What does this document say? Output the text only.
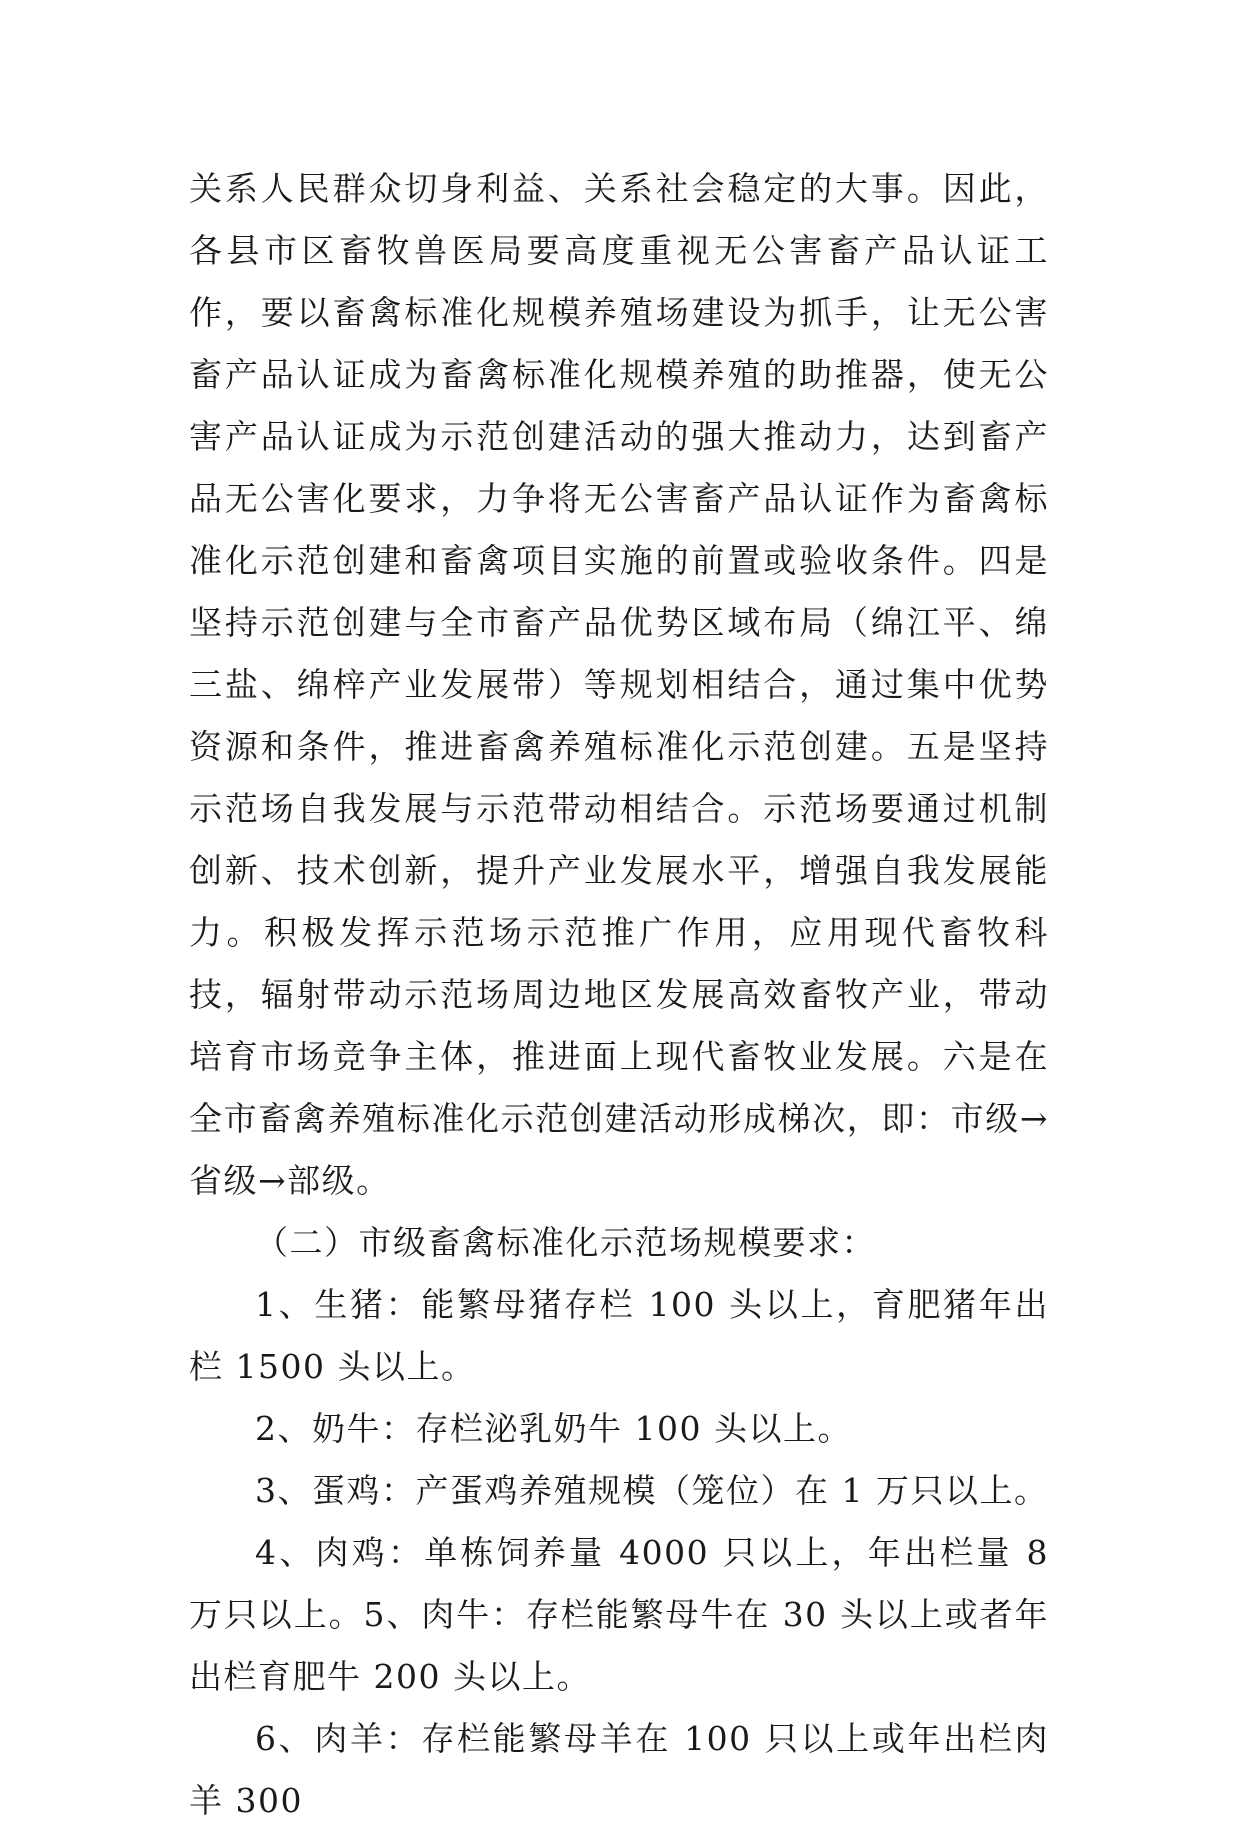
关系人民群众切身利益、关系社会稳定的大事。因此，各县市区畜牧兽医局要高度重视无公害畜产品认证工作，要以畜禽标准化规模养殖场建设为抓手，让无公害畜产品认证成为畜禽标准化规模养殖的助推器，使无公害产品认证成为示范创建活动的强大推动力，达到畜产品无公害化要求，力争将无公害畜产品认证作为畜禽标准化示范创建和畜禽项目实施的前置或验收条件。四是坚持示范创建与全市畜产品优势区域布局（绵江平、绵三盐、绵梓产业发展带）等规划相结合，通过集中优势资源和条件，推进畜禽养殖标准化示范创建。五是坚持示范场自我发展与示范带动相结合。示范场要通过机制创新、技术创新，提升产业发展水平，增强自我发展能力。积极发挥示范场示范推广作用，应用现代畜牧科技，辐射带动示范场周边地区发展高效畜牧产业，带动培育市场竞争主体，推进面上现代畜牧业发展。六是在全市畜禽养殖标准化示范创建活动形成梯次，即：市级→省级→部级。

（二）市级畜禽标准化示范场规模要求：

1、生猪：能繁母猪存栏 100 头以上，育肥猪年出栏 1500 头以上。

2、奶牛：存栏泌乳奶牛 100 头以上。

3、蛋鸡：产蛋鸡养殖规模（笼位）在 1 万只以上。

4、肉鸡：单栋饲养量 4000 只以上，年出栏量 8 万只以上。5、肉牛：存栏能繁母牛在 30 头以上或者年出栏育肥牛 200 头以上。

6、肉羊：存栏能繁母羊在 100 只以上或年出栏肉羊 300
